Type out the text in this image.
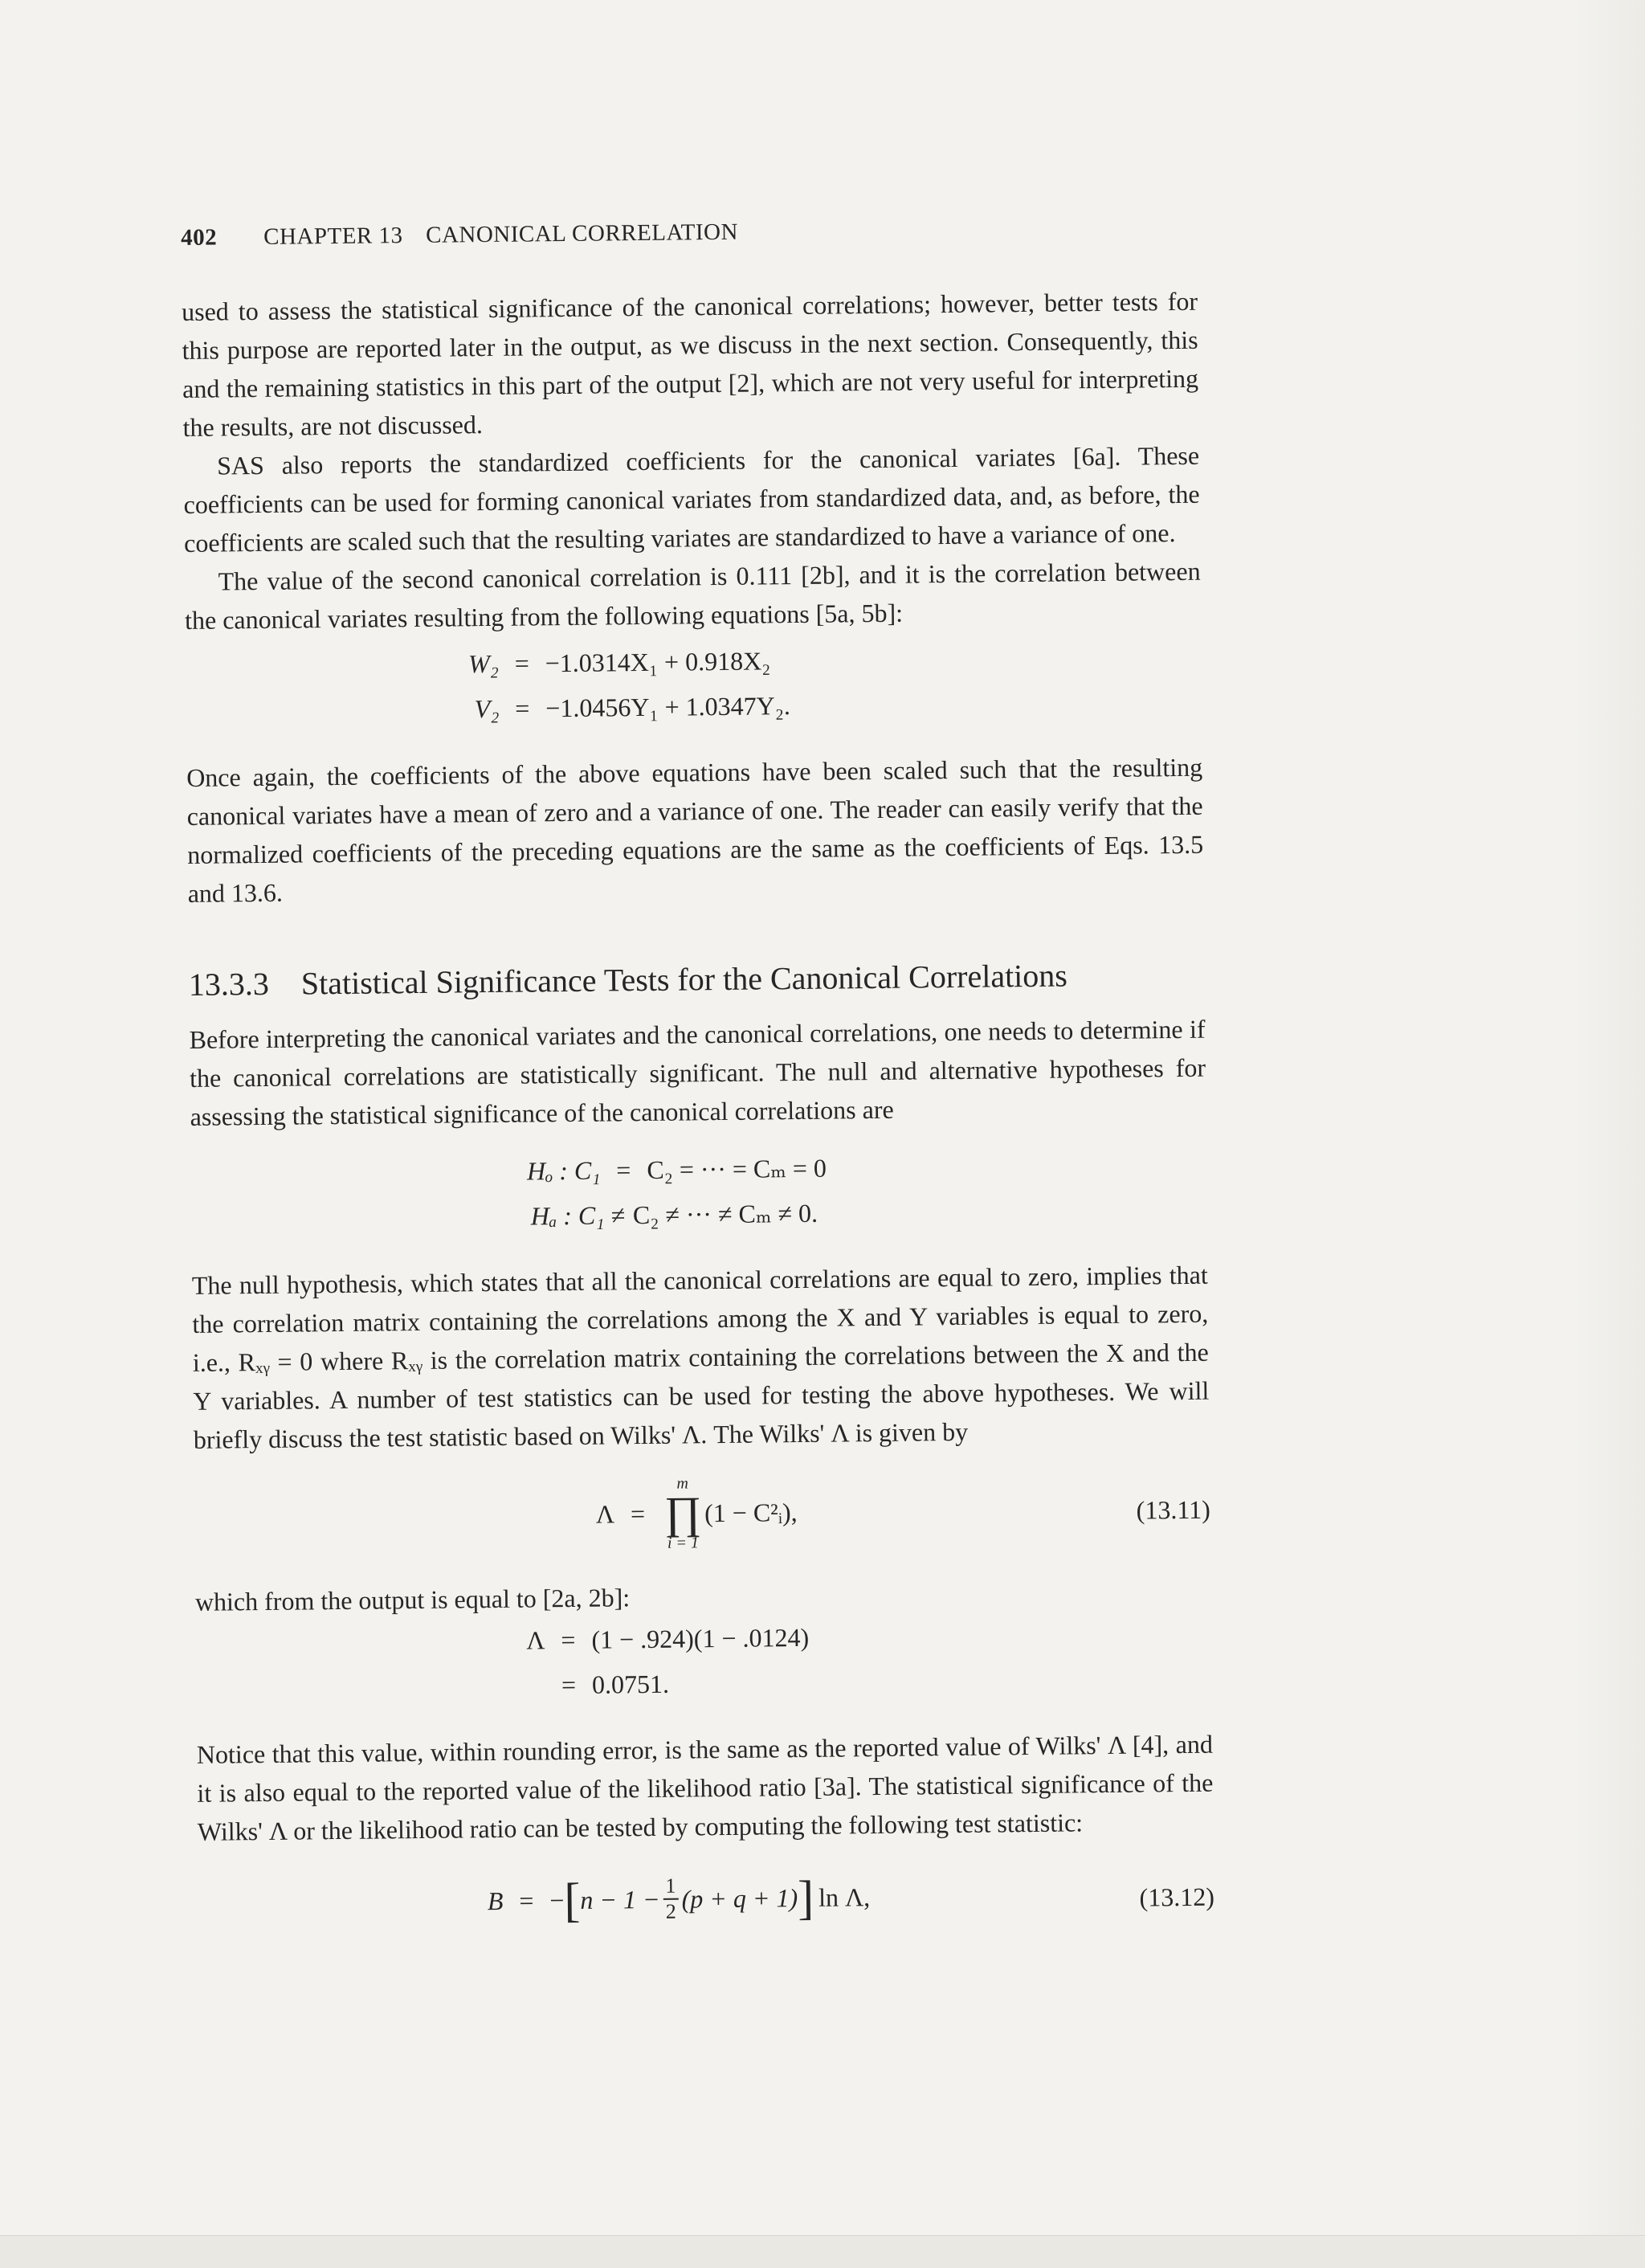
402 CHAPTER 13 CANONICAL CORRELATION

used to assess the statistical significance of the canonical correlations; however, better tests for this purpose are reported later in the output, as we discuss in the next section. Consequently, this and the remaining statistics in this part of the output [2], which are not very useful for interpreting the results, are not discussed.

SAS also reports the standardized coefficients for the canonical variates [6a]. These coefficients can be used for forming canonical variates from standardized data, and, as before, the coefficients are scaled such that the resulting variates are standardized to have a variance of one.

The value of the second canonical correlation is 0.111 [2b], and it is the correlation between the canonical variates resulting from the following equations [5a, 5b]:

W₂ = −1.0314X₁ + 0.918X₂
V₂ = −1.0456Y₁ + 1.0347Y₂.

Once again, the coefficients of the above equations have been scaled such that the resulting canonical variates have a mean of zero and a variance of one. The reader can easily verify that the normalized coefficients of the preceding equations are the same as the coefficients of Eqs. 13.5 and 13.6.

13.3.3 Statistical Significance Tests for the Canonical Correlations

Before interpreting the canonical variates and the canonical correlations, one needs to determine if the canonical correlations are statistically significant. The null and alternative hypotheses for assessing the statistical significance of the canonical correlations are

Hₒ : C₁ = C₂ = ··· = Cₘ = 0
Hₐ : C₁ ≠ C₂ ≠ ··· ≠ Cₘ ≠ 0.

The null hypothesis, which states that all the canonical correlations are equal to zero, implies that the correlation matrix containing the correlations among the X and Y variables is equal to zero, i.e., Rₓᵧ = 0 where Rₓᵧ is the correlation matrix containing the correlations between the X and the Y variables. A number of test statistics can be used for testing the above hypotheses. We will briefly discuss the test statistic based on Wilks' Λ. The Wilks' Λ is given by

Λ =
m
∏
i = 1
(1 − C²ᵢ),	(13.11)

which from the output is equal to [2a, 2b]:

Λ = (1 − .924)(1 − .0124)
= 0.0751.

Notice that this value, within rounding error, is the same as the reported value of Wilks' Λ [4], and it is also equal to the reported value of the likelihood ratio [3a]. The statistical significance of the Wilks' Λ or the likelihood ratio can be tested by computing the following test statistic:

B = − [ $n - 1 - \frac{1}{2} (p + q + 1)$ ] ln Λ,	(13.12)
